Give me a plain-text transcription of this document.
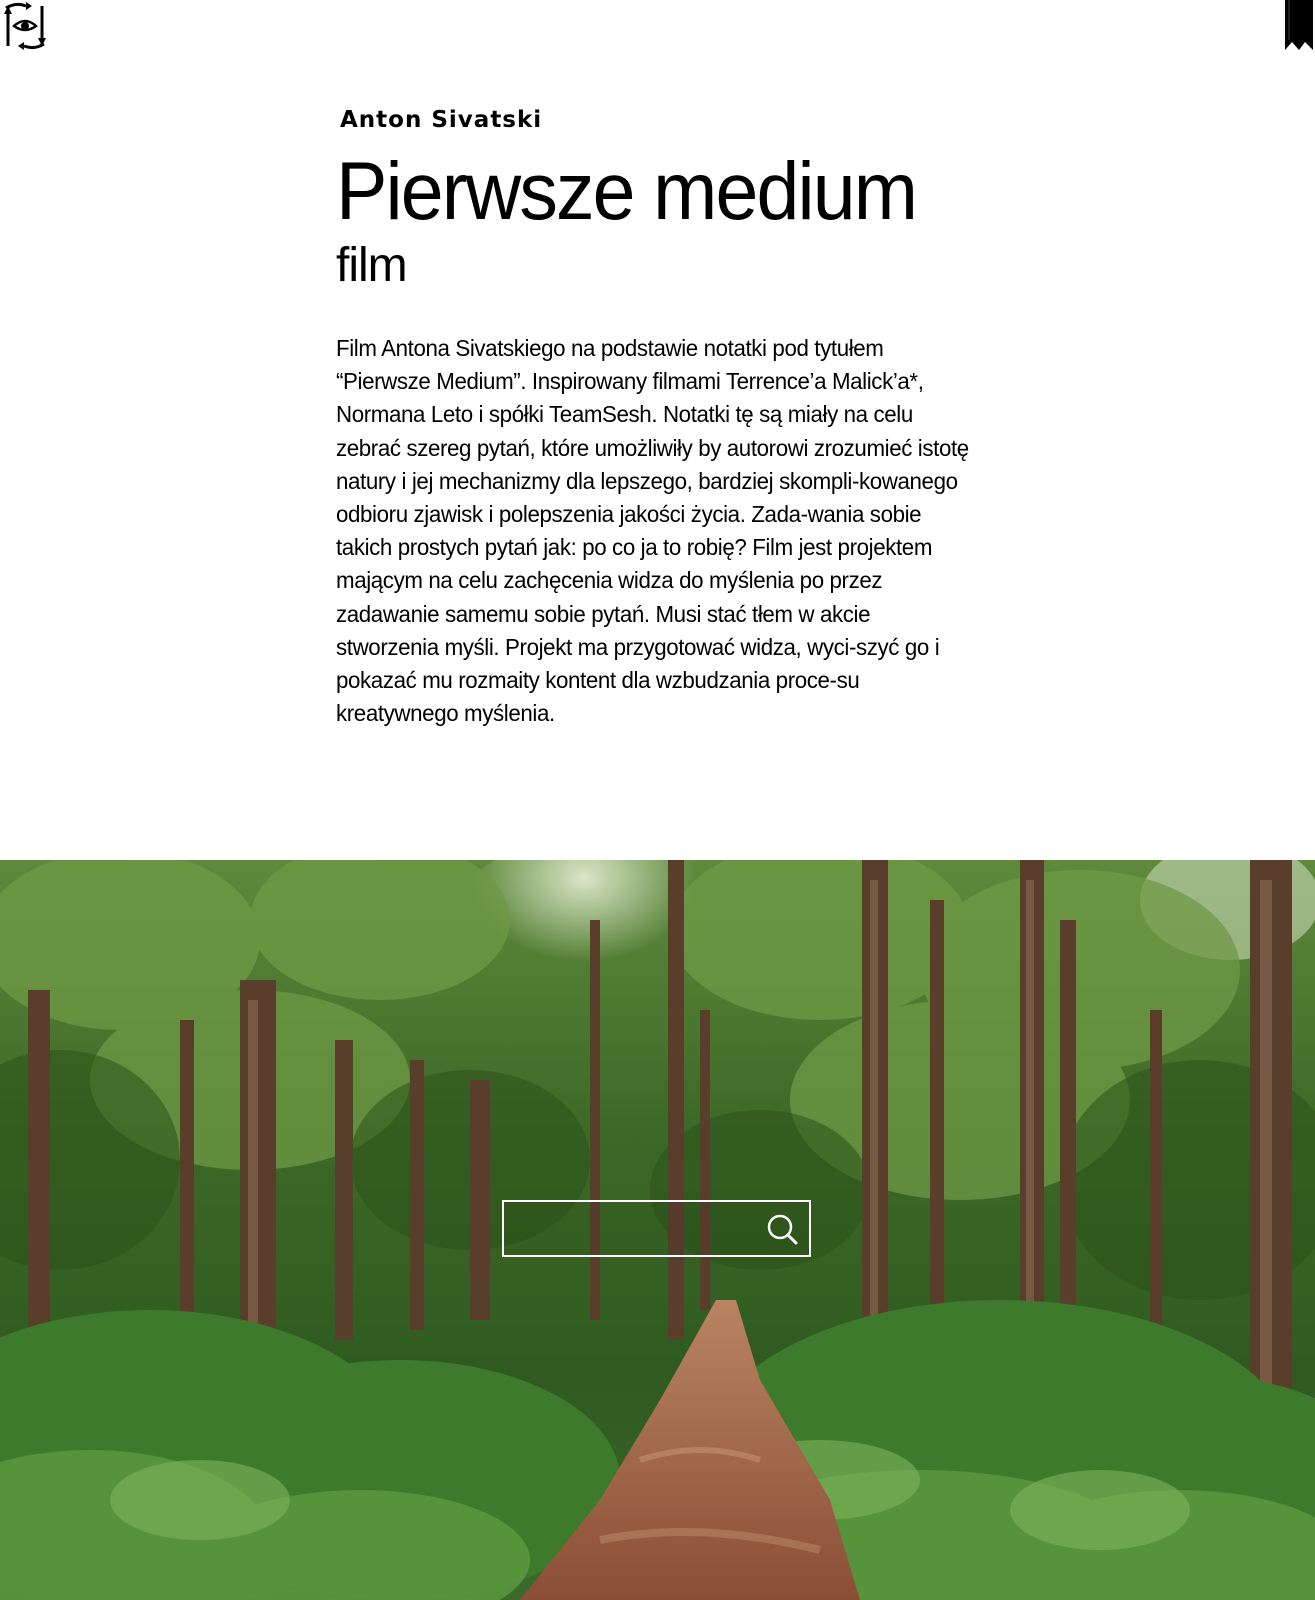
Anton Sivatski
Pierwsze medium
film

Film Antona Sivatskiego na podstawie notatki pod tytułem “Pierwsze Medium”. Inspirowany filmami Terrence’a Malick’a*, Normana Leto i spółki TeamSesh. Notatki tę są miały na celu zebrać szereg pytań, które umożliwiły by autorowi zrozumieć istotę natury i jej mechanizmy dla lepszego, bardziej skompli-kowanego odbioru zjawisk i polepszenia jakości życia. Zada-wania sobie takich prostych pytań jak: po co ja to robię? Film jest projektem mającym na celu zachęcenia widza do myślenia po przez zadawanie samemu sobie pytań. Musi stać tłem w akcie stworzenia myśli. Projekt ma przygotować widza, wyci-szyć go i pokazać mu rozmaity kontent dla wzbudzania proce-su kreatywnego myślenia.
